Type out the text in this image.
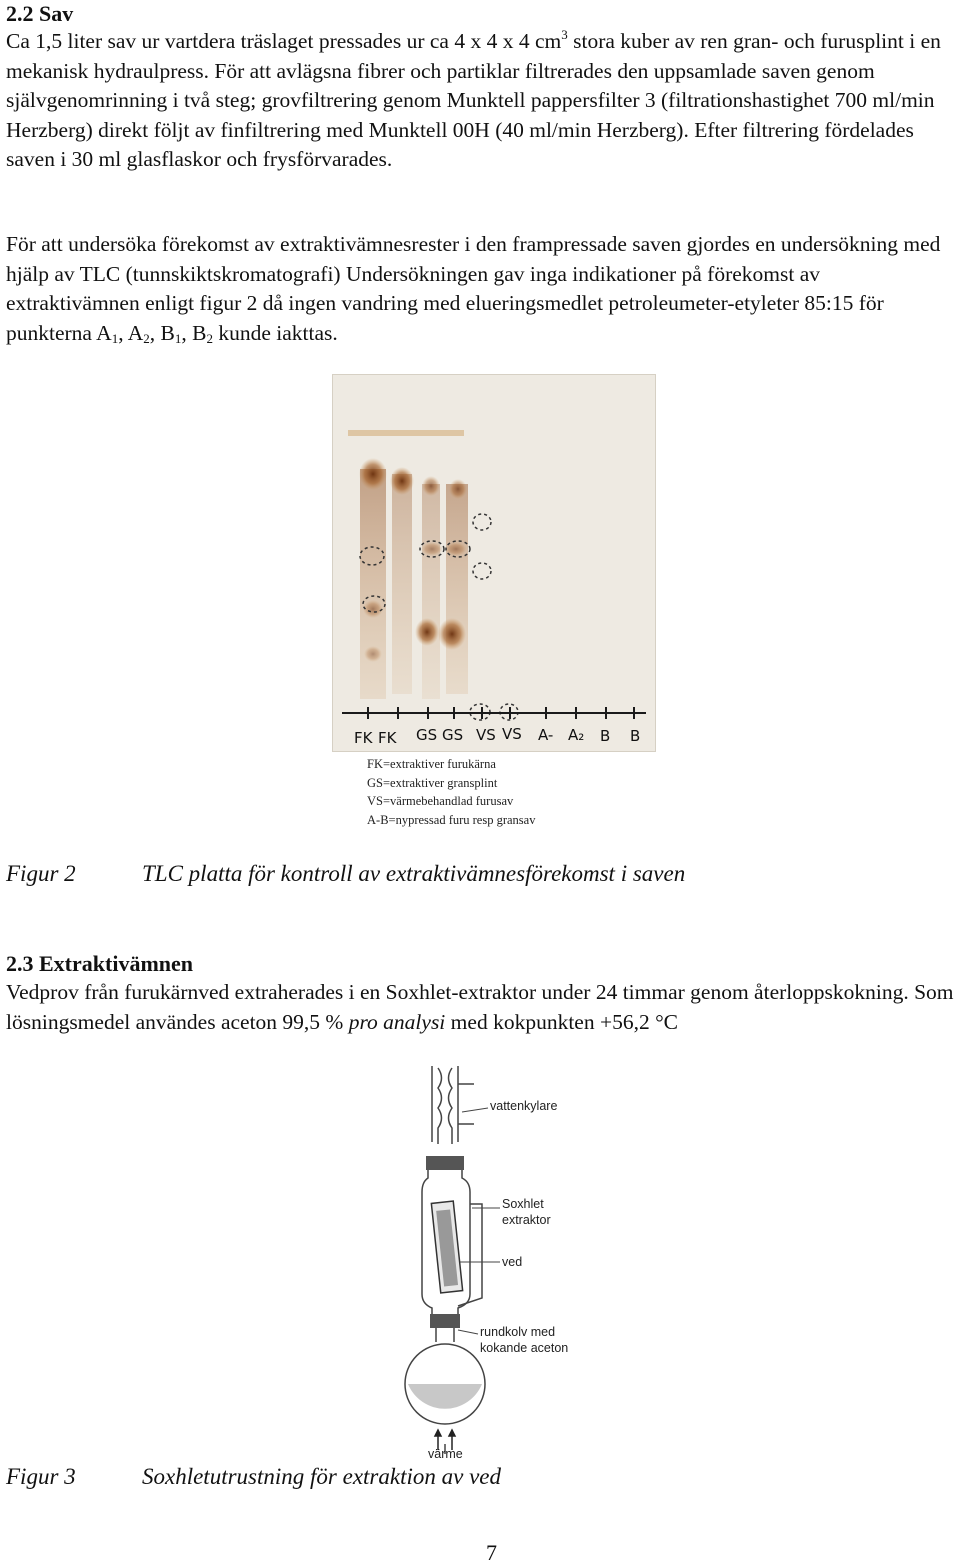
2.2 Sav
Ca 1,5 liter sav ur vartdera träslaget pressades ur ca 4 x 4 x 4 $cm^3$ stora kuber av ren gran- och furusplint i en mekanisk hydraulpress. För att avlägsna fibrer och partiklar filtrerades den uppsamlade saven genom självgenomrinning i två steg; grovfiltrering genom Munktell pappersfilter 3 (filtrationshastighet 700 ml/min Herzberg) direkt följt av finfiltrering med Munktell 00H (40 ml/min Herzberg). Efter filtrering fördelades saven i 30 ml glasflaskor och frysförvarades.
För att undersöka förekomst av extraktivämnesrester i den frampressade saven gjordes en undersökning med hjälp av TLC (tunnskiktskromatografi) Undersökningen gav inga indikationer på förekomst av extraktivämnen enligt figur 2 då ingen vandring med elueringsmedlet petroleumeter-etyleter 85:15 för punkterna $A_1$, $A_2$, $B_1$, $B_2$ kunde iakttas.
FK FK GS GS VS VS A- A₂ B B
FK=extraktiver furukärna
GS=extraktiver gransplint
VS=värmebehandlad furusav
A-B=nypressad furu resp gransav
Figur 2	TLC platta för kontroll av extraktivämnesförekomst i saven
2.3 Extraktivämnen
Vedprov från furukärnved extraherades i en Soxhlet-extraktor under 24 timmar genom återloppskokning. Som lösningsmedel användes aceton 99,5 % pro analysi med kokpunkten +56,2 °C
vattenkylare
Soxhlet
extraktor
ved
rundkolv med
kokande aceton
värme
Figur 3	Soxhletutrustning för extraktion av ved
7
